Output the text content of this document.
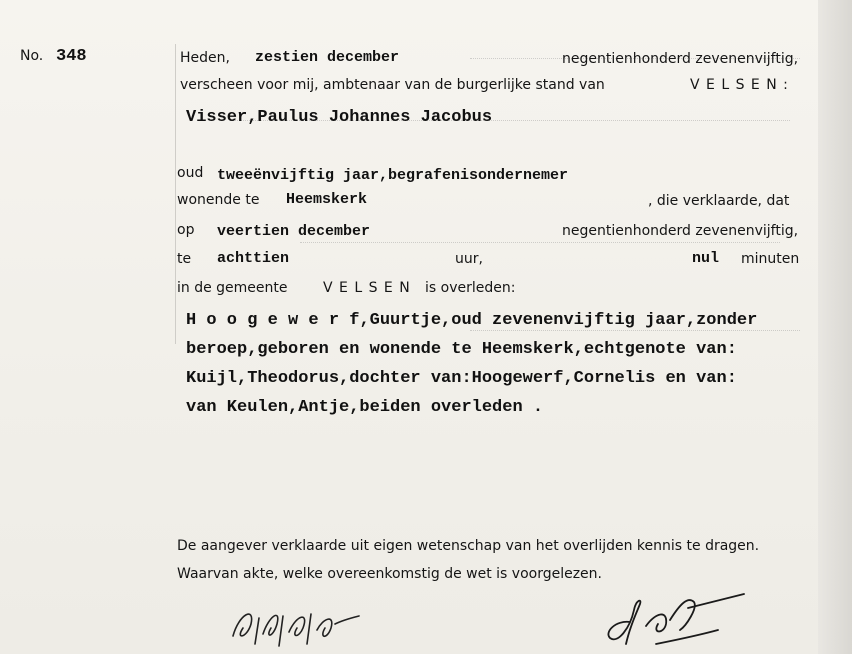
No. 348	Heden, zestien december	negentienhonderd zevenenvijftig,
verscheen voor mij, ambtenaar van de burgerlijke stand van	V E L S E N :
Visser,Paulus Johannes Jacobus
oud tweeënvijftig jaar,begrafenisondernemer
wonende te Heemskerk	, die verklaarde, dat
op veertien december	negentienhonderd zevenenvijftig,
te achttien	uur,	nul minuten
in de gemeente	V E L S E N is overleden:
H o o g e w e r f,Guurtje,oud zevenenvijftig jaar,zonder
beroep,geboren en wonende te Heemskerk,echtgenote van:
Kuijl,Theodorus,dochter van:Hoogewerf,Cornelis en van:
van Keulen,Antje,beiden overleden .
De aangever verklaarde uit eigen wetenschap van het overlijden kennis te dragen.
Waarvan akte, welke overeenkomstig de wet is voorgelezen.
